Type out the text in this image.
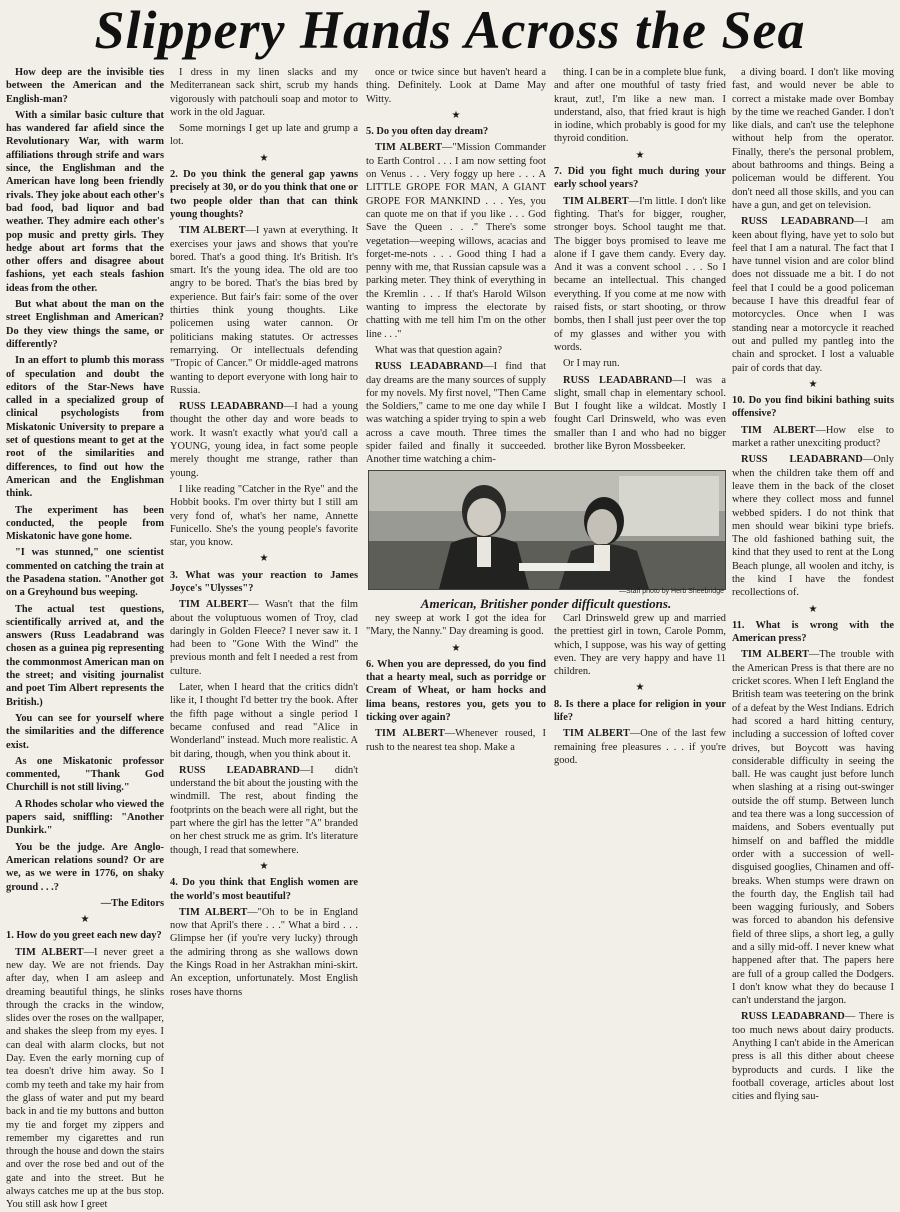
Slippery Hands Across the Sea

How deep are the invisible ties between the American and the English-man?

With a similar basic culture that has wandered far afield since the Revolutionary War, with warm affiliations through strife and wars since, the Englishman and the American have long been friendly rivals. They joke about each other's bad food, bad liquor and bad weather. They admire each other's pop music and pretty girls. They hedge about art forms that the other offers and disagree about fashions, yet each steals fashion ideas from the other.

But what about the man on the street Englishman and American? Do they view things the same, or differently?

In an effort to plumb this morass of speculation and doubt the editors of the Star-News have called in a specialized group of clinical psychologists from Miskatonic University to prepare a set of questions meant to get at the root of the similarities and differences, to find out how the American and the Englishman think.

The experiment has been conducted, the people from Miskatonic have gone home.

"I was stunned," one scientist commented on catching the train at the Pasadena station. "Another got on a Greyhound bus weeping.

The actual test questions, scientifically arrived at, and the answers (Russ Leadabrand was chosen as a guinea pig representing the commonmost American man on the street; and visiting journalist and poet Tim Albert represents the British.)

You can see for yourself where the similarities and the difference exist.

As one Miskatonic professor commented, "Thank God Churchill is not still living."

A Rhodes scholar who viewed the papers said, sniffling: "Another Dunkirk."

You be the judge. Are Anglo-American relations sound? Or are we, as we were in 1776, on shaky ground . . .?

—The Editors

★

1. How do you greet each new day?

TIM ALBERT—I never greet a new day. We are not friends. Day after day, when I am asleep and dreaming beautiful things, he slinks through the cracks in the window, slides over the roses on the wallpaper, and shakes the sleep from my eyes. I can deal with alarm clocks, but not Day. Even the early morning cup of tea doesn't drive him away. So I comb my teeth and take my hair from the glass of water and put my beard back in and tie my buttons and button my tie and forget my zippers and remember my cigarettes and run through the house and down the stairs and over the rose bed and out of the gate and into the street. But he always catches me up at the bus stop. You still ask how I greet

I dress in my linen slacks and my Mediterranean sack shirt, scrub my hands vigorously with patchouli soap and motor to work in the old Jaguar.

Some mornings I get up late and grump a lot.

★

2. Do you think the general gap yawns precisely at 30, or do you think that one or two people older than that can think young thoughts?

TIM ALBERT—I yawn at everything. It exercises your jaws and shows that you're bored. That's a good thing. It's British. It's smart. It's the young idea. The old are too angry to be bored. That's the bias bred by experience. But fair's fair: some of the over thirties think young thoughts. Like policemen using water cannon. Or politicians making statutes. Or actresses remarrying. Or intellectuals defending "Tropic of Cancer." Or middle-aged matrons wanting to deport everyone with long hair to Russia.

RUSS LEADABRAND—I had a young thought the other day and wore beads to work. It wasn't exactly what you'd call a YOUNG, young idea, in fact some people merely thought me strange, rather than young.

I like reading "Catcher in the Rye" and the Hobbit books. I'm over thirty but I still am very fond of, what's her name, Annette Funicello. She's the young people's favorite star, you know.

★

3. What was your reaction to James Joyce's "Ulysses"?

TIM ALBERT— Wasn't that the film about the voluptuous women of Troy, clad daringly in Golden Fleece? I never saw it. I had been to "Gone With the Wind" the previous month and felt I needed a rest from culture.

Later, when I heard that the critics didn't like it, I thought I'd better try the book. After the fifth page without a single period I became confused and read "Alice in Wonderland" instead. Much more realistic. A bit daring, though, when you think about it.

RUSS LEADABRAND—I didn't understand the bit about the jousting with the windmill. The rest, about finding the footprints on the beach were all right, but the part where the girl has the letter "A" branded on her chest struck me as grim. It's literature though, I read that somewhere.

★

4. Do you think that English women are the world's most beautiful?

TIM ALBERT—"Oh to be in England now that April's there . . ." What a bird . . . Glimpse her (if you're very lucky) through the admiring throng as she wallows down the Kings Road in her Astrakhan mini-skirt. An exception, unfortunately. Most English roses have thorns

once or twice since but haven't heard a thing. Definitely. Look at Dame May Witty.

★

5. Do you often day dream?

TIM ALBERT—"Mission Commander to Earth Control . . . I am now setting foot on Venus . . . Very foggy up here . . . A LITTLE GROPE FOR MAN, A GIANT GROPE FOR MANKIND . . . Yes, you can quote me on that if you like . . . God Save the Queen . . ." There's some vegetation—weeping willows, acacias and forget-me-nots . . . Good thing I had a penny with me, that Russian capsule was a parking meter. They think of everything in the Kremlin . . . If that's Harold Wilson wanting to impress the electorate by chatting with me tell him I'm on the other line . . ."

What was that question again?

RUSS LEADABRAND—I find that day dreams are the many sources of supply for my novels. My first novel, "Then Came the Soldiers," came to me one day while I was watching a spider trying to spin a web across a cave mouth. Three times the spider failed and finally it succeeded. Another time watching a chim-

thing. I can be in a complete blue funk, and after one mouthful of tasty fried kraut, zut!, I'm like a new man. I understand, also, that fried kraut is high in iodine, which probably is good for my thyroid condition.

★

7. Did you fight much during your early school years?

TIM ALBERT—I'm little. I don't like fighting. That's for bigger, rougher, stronger boys. School taught me that. The bigger boys promised to leave me alone if I gave them candy. Every day. And it was a convent school . . . So I became an intellectual. This changed everything. If you come at me now with raised fists, or start shooting, or throw bombs, then I shall just peer over the top of my glasses and wither you with words.

Or I may run.

RUSS LEADABRAND—I was a slight, small chap in elementary school. But I fought like a wildcat. Mostly I fought Carl Drinsweld, who was even smaller than I and who had no bigger brother like Byron Mossbeeker.

—Staff photo by Herb Sheebridge
American, Britisher ponder difficult questions.

ney sweep at work I got the idea for "Mary, the Nanny." Day dreaming is good.

★

6. When you are depressed, do you find that a hearty meal, such as porridge or Cream of Wheat, or ham hocks and lima beans, restores you, gets you to ticking over again?

TIM ALBERT—Whenever roused, I rush to the nearest tea shop. Make a

Carl Drinsweld grew up and married the prettiest girl in town, Carole Pomm, which, I suppose, was his way of getting even. They are very happy and have 11 children.

★

8. Is there a place for religion in your life?

TIM ALBERT—One of the last few remaining free pleasures . . . if you're good.

a diving board. I don't like moving fast, and would never be able to correct a mistake made over Bombay by the time we reached Gander. I don't like dials, and can't use the telephone without help from the operator. Finally, there's the personal problem, about bathrooms and things. Being a policeman would be different. You don't need all those skills, and you can have a gun, and get on television.

RUSS LEADABRAND—I am keen about flying, have yet to solo but feel that I am a natural. The fact that I have tunnel vision and are color blind does not dissuade me a bit. I do not feel that I could be a good policeman because I have this dreadful fear of motorcycles. Once when I was standing near a motorcycle it reached out and pulled my pantleg into the chain and sprocket. I lost a valuable pair of cords that day.

★

10. Do you find bikini bathing suits offensive?

TIM ALBERT—How else to market a rather unexciting product?

RUSS LEADABRAND—Only when the children take them off and leave them in the back of the closet where they collect moss and funnel webbed spiders. I do not think that men should wear bikini type briefs. The old fashioned bathing suit, the kind that they used to rent at the Long Beach plunge, all woolen and itchy, is the kind I have the fondest recollections of.

★

11. What is wrong with the American press?

TIM ALBERT—The trouble with the American Press is that there are no cricket scores. When I left England the British team was teetering on the brink of a defeat by the West Indians. Edrich had scored a hard hitting century, including a succession of lofted cover drives, but Boycott was having considerable difficulty in seeing the ball. He was caught just before lunch when slashing at a rising out-swinger outside the off stump. Between lunch and tea there was a long succession of maidens, and Sobers eventually put himself on and baffled the middle order with a succession of well-disguised googlies, Chinamen and off-breaks. When stumps were drawn on the fourth day, the English tail had been wagging furiously, and Sobers was forced to abandon his defensive field of three slips, a short leg, a gully and a silly mid-off. I never knew what happened after that. The papers here are full of a group called the Dodgers. I don't know what they do because I can't understand the jargon.

RUSS LEADABRAND— There is too much news about dairy products. Anything I can't abide in the American press is all this dither about cheese byproducts and curds. I like the football coverage, articles about lost cities and flying sau-
